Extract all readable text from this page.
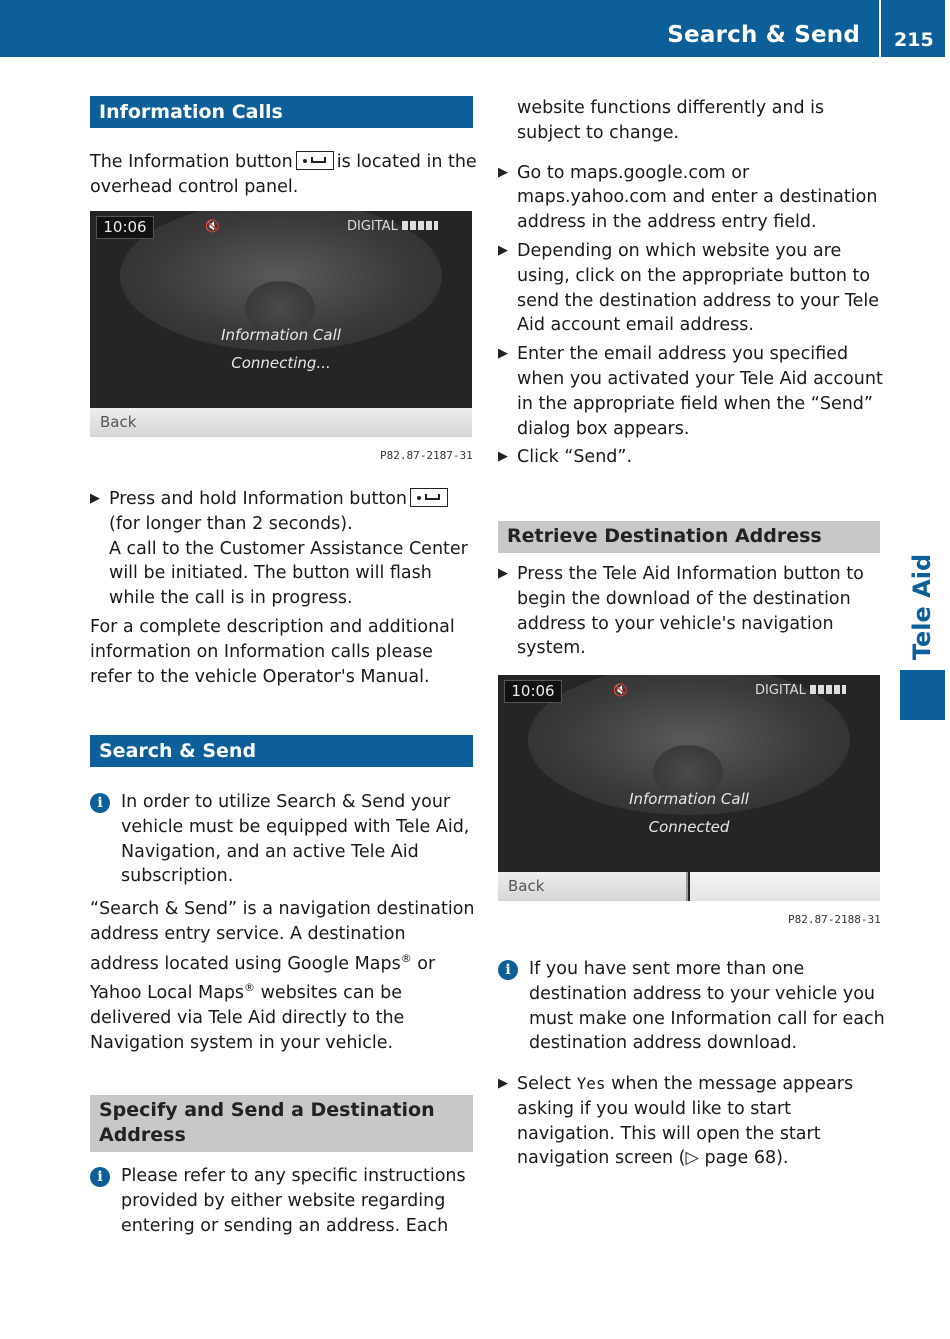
Search & Send 215
Tele Aid
Information Calls

The Information button	is located in the overhead control panel.

10:06	🔇	DIGITAL
Information Call
Connecting...
Back
P82.87-2187-31
▶ Press and hold Information button

(for longer than 2 seconds).
A call to the Customer Assistance Center will be initiated. The button will flash while the call is in progress.

For a complete description and additional information on Information calls please refer to the vehicle Operator's Manual.

Search & Send
i	In order to utilize Search & Send your vehicle must be equipped with Tele Aid, Navigation, and an active Tele Aid subscription.

“Search & Send” is a navigation destination address entry service. A destination address located using Google Maps® or Yahoo Local Maps® websites can be delivered via Tele Aid directly to the Navigation system in your vehicle.

Specify and Send a Destination Address
i	Please refer to any specific instructions provided by either website regarding entering or sending an address. Each

website functions differently and is subject to change.

▶ Go to maps.google.com or maps.yahoo.com and enter a destination address in the address entry field.
▶ Depending on which website you are using, click on the appropriate button to send the destination address to your Tele Aid account email address.
▶ Enter the email address you specified when you activated your Tele Aid account in the appropriate field when the “Send” dialog box appears.
▶ Click “Send”.
Retrieve Destination Address
▶ Press the Tele Aid Information button to begin the download of the destination address to your vehicle's navigation system.
10:06	🔇	DIGITAL
Information Call
Connected
Back
P82.87-2188-31
i	If you have sent more than one destination address to your vehicle you must make one Information call for each destination address download.
▶ Select Yes when the message appears asking if you would like to start navigation. This will open the start navigation screen (▷ page 68).
